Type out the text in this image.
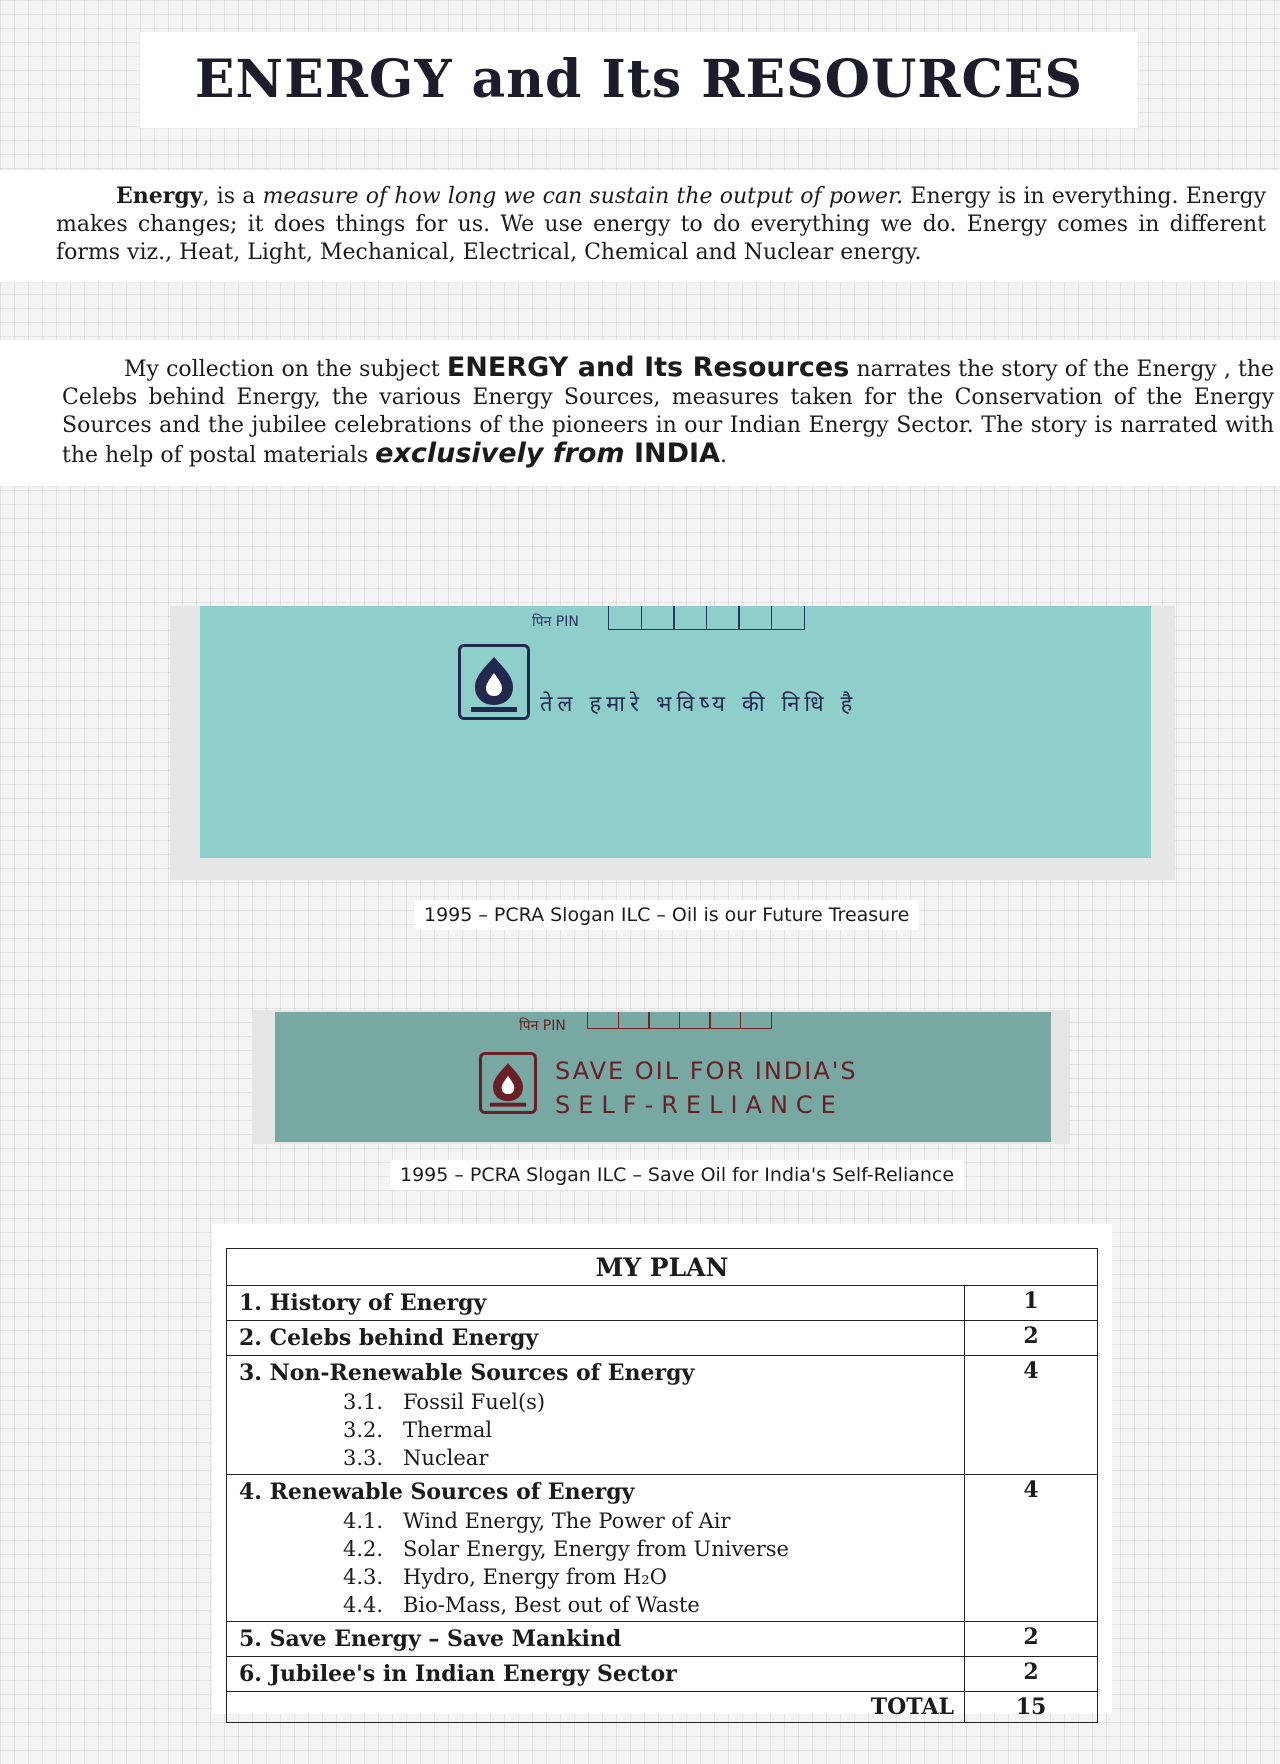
ENERGY and Its RESOURCES

Energy, is a measure of how long we can sustain the output of power. Energy is in everything. Energy makes changes; it does things for us. We use energy to do everything we do. Energy comes in different forms viz., Heat, Light, Mechanical, Electrical, Chemical and Nuclear energy.

My collection on the subject ENERGY and Its Resources narrates the story of the Energy , the Celebs behind Energy, the various Energy Sources, measures taken for the Conservation of the Energy Sources and the jubilee celebrations of the pioneers in our Indian Energy Sector. The story is narrated with the help of postal materials exclusively from INDIA.

पिन PIN
तेल हमारे भविष्य की निधि है
1995 – PCRA Slogan ILC – Oil is our Future Treasure
पिन PIN
SAVE OIL FOR INDIA'S
SELF-RELIANCE
1995 – PCRA Slogan ILC – Save Oil for India's Self-Reliance
MY PLAN	

1. History of Energy	1

2. Celebs behind Energy	2

3. Non-Renewable Sources of Energy
3.1. Fossil Fuel(s)
3.2. Thermal
3.3. Nuclear	4

4. Renewable Sources of Energy
4.1. Wind Energy, The Power of Air
4.2. Solar Energy, Energy from Universe
4.3. Hydro, Energy from H₂O
4.4. Bio-Mass, Best out of Waste	4

5. Save Energy – Save Mankind	2

6. Jubilee's in Indian Energy Sector	2
TOTAL	15
